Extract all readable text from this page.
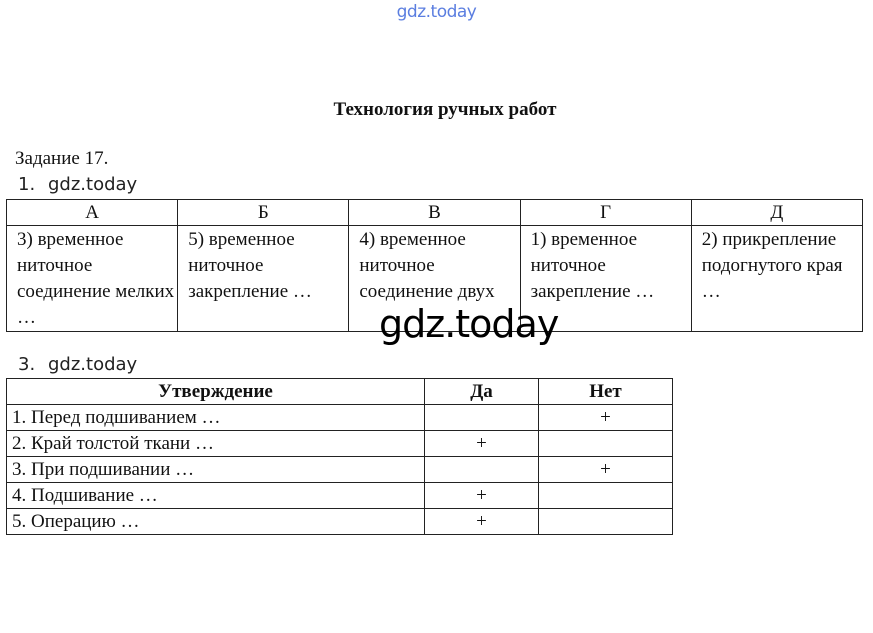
gdz.today
Технология ручных работ
Задание 17.
1. gdz.today
А	Б	В	Г	Д
3) временное ниточное соединение мелких …	5) временное ниточное закрепление …	4) временное ниточное соединение двух	1) временное ниточное закрепление …	2) прикрепление подогнутого края …
gdz.today
3. gdz.today
Утверждение	Да	Нет
1. Перед подшиванием …		+
2. Край толстой ткани …	+	
3. При подшивании …		+
4. Подшивание …	+	
5. Операцию …	+	
